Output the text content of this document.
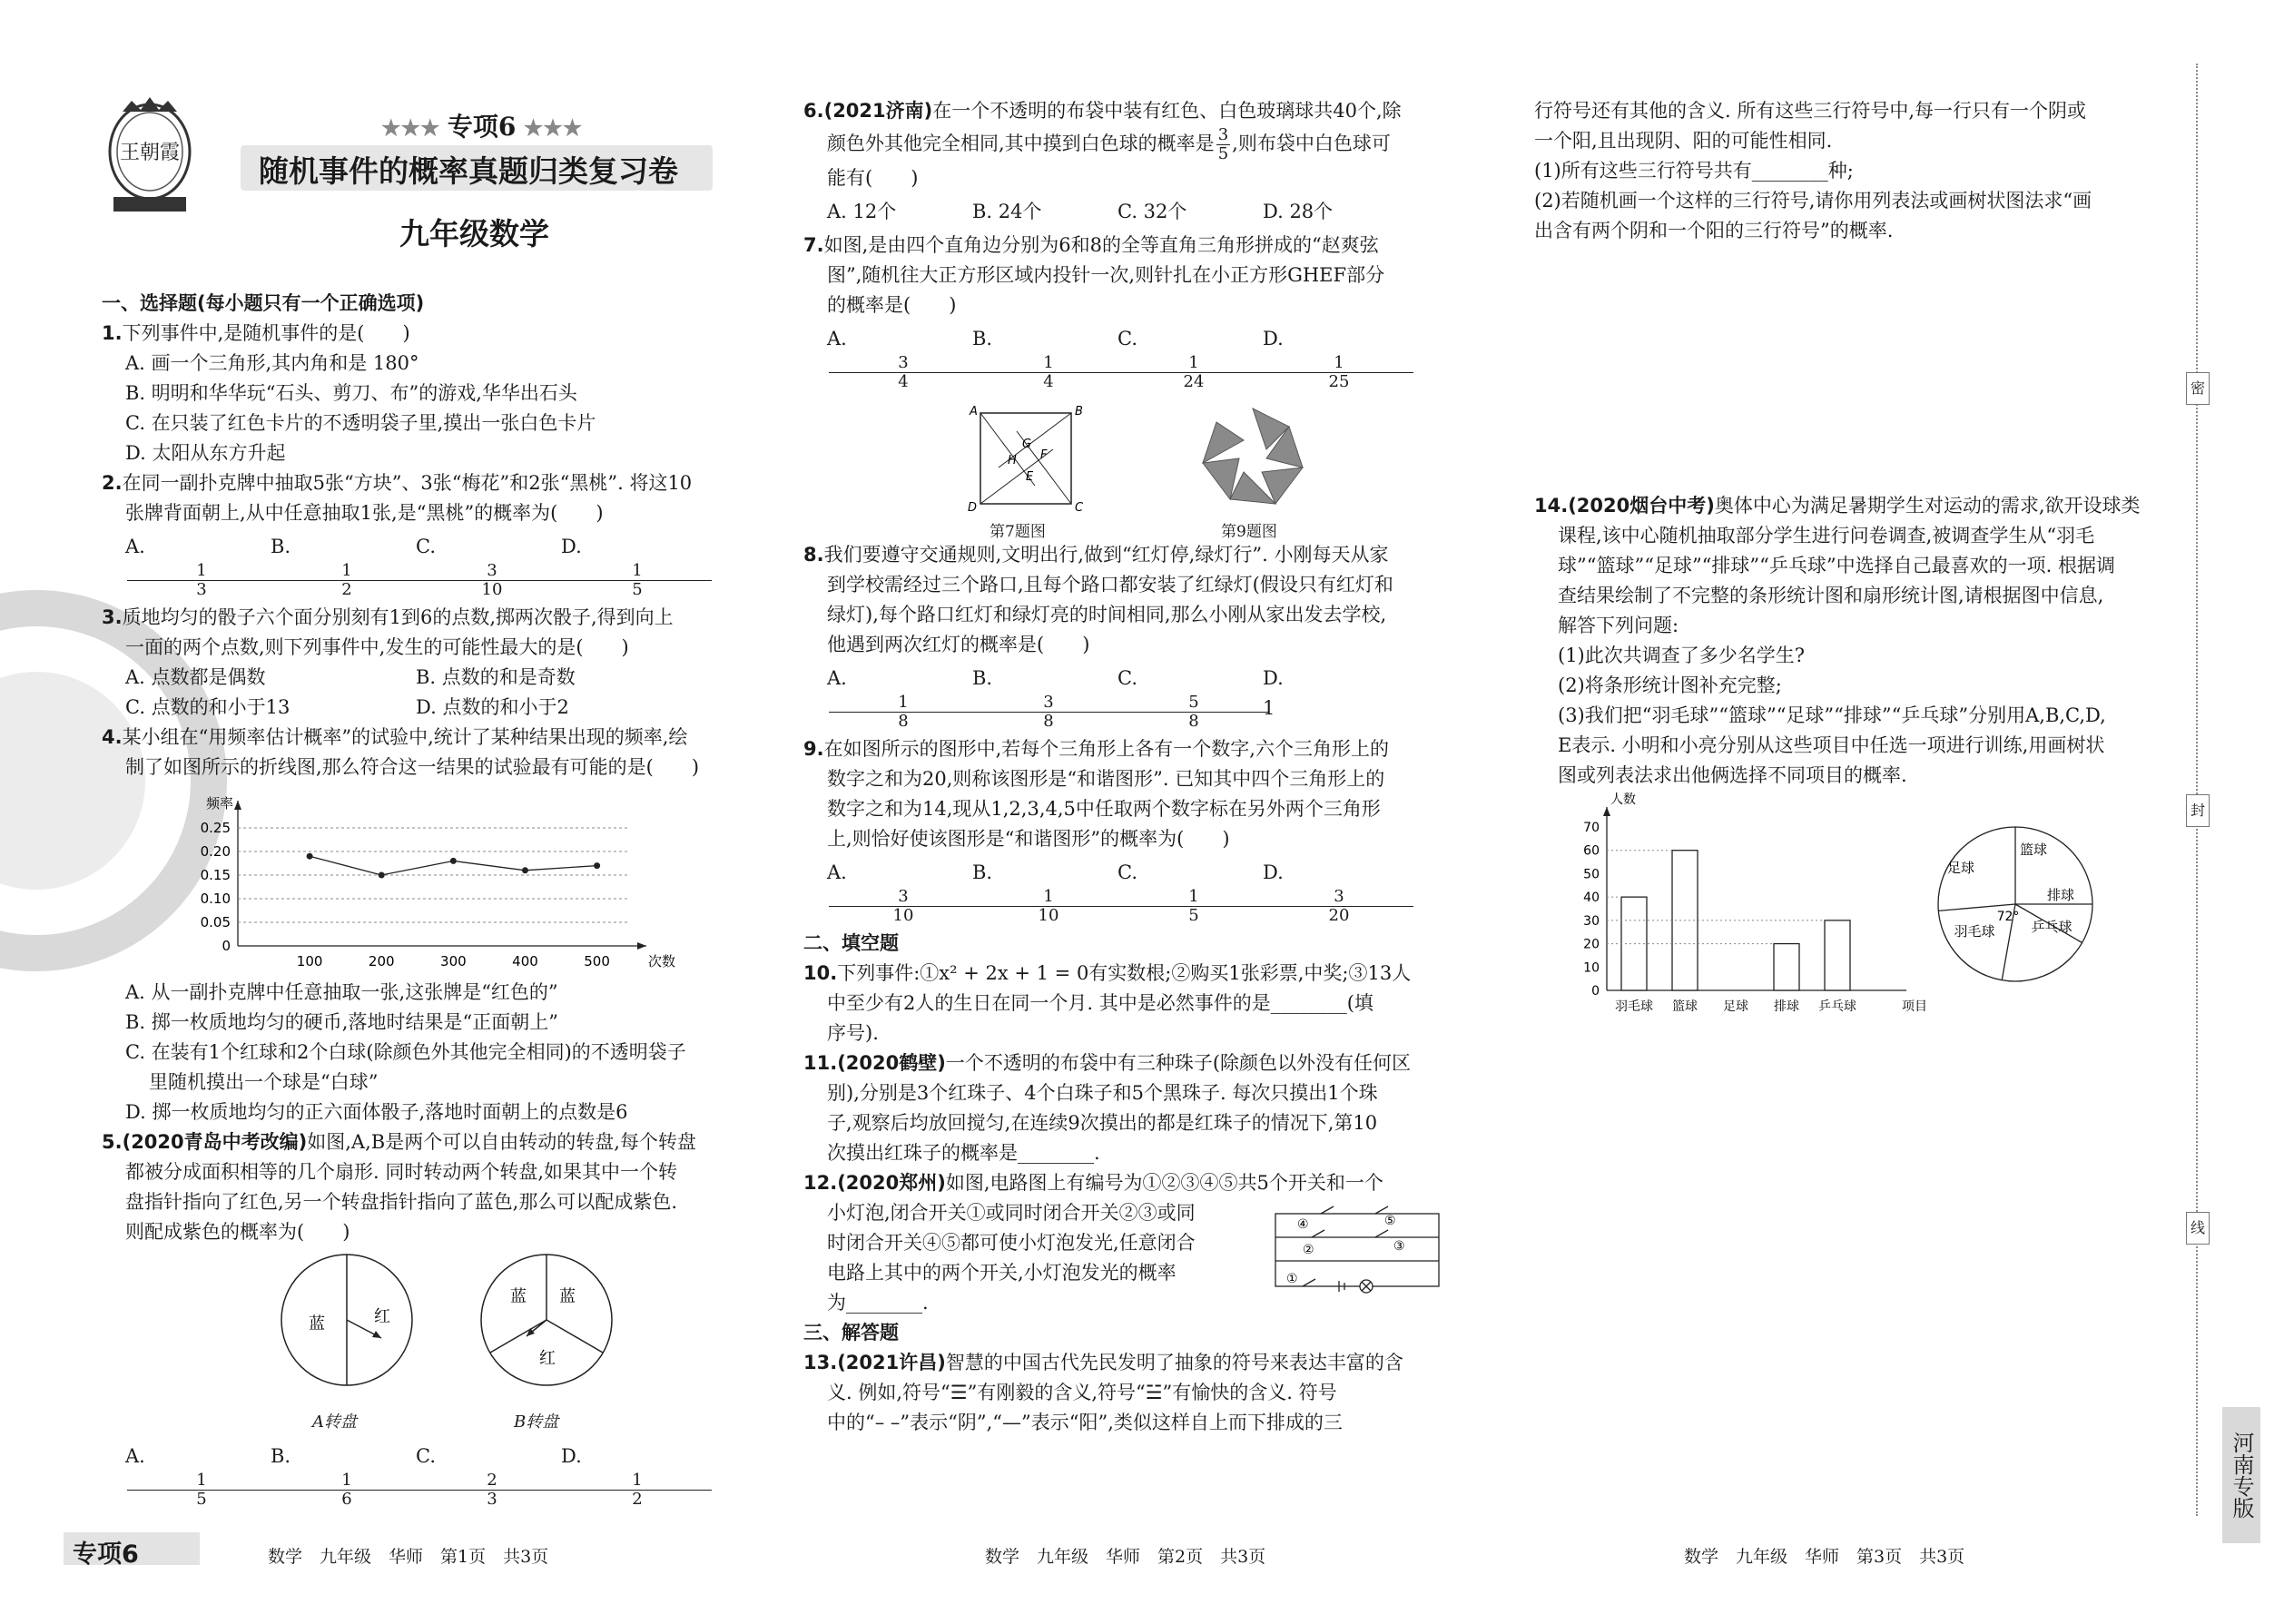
王朝霞
★★★ 专项6 ★★★
随机事件的概率真题归类复习卷
九年级数学

一、选择题(每小题只有一个正确选项)

1.下列事件中,是随机事件的是(　　)

A. 画一个三角形,其内角和是 180°

B. 明明和华华玩“石头、剪刀、布”的游戏,华华出石头

C. 在只装了红色卡片的不透明袋子里,摸出一张白色卡片

D. 太阳从东方升起

2.在同一副扑克牌中抽取5张“方块”、3张“梅花”和2张“黑桃”. 将这10

张牌背面朝上,从中任意抽取1张,是“黑桃”的概率为(　　)

A.
$\frac{1}{3}$
B.
$\frac{1}{2}$
C.
$\frac{3}{10}$
D.
$\frac{1}{5}$

3.质地均匀的骰子六个面分别刻有1到6的点数,掷两次骰子,得到向上

一面的两个点数,则下列事件中,发生的可能性最大的是(　　)

A. 点数都是偶数	B. 点数的和是奇数
C. 点数的和小于13	D. 点数的和小于2

4.某小组在“用频率估计概率”的试验中,统计了某种结果出现的频率,绘

制了如图所示的折线图,那么符合这一结果的试验最有可能的是(　　)

0
0.05
0.10
0.15
0.20
0.25
100	200	300	400	500
频率
次数

A. 从一副扑克牌中任意抽取一张,这张牌是“红色的”

B. 掷一枚质地均匀的硬币,落地时结果是“正面朝上”

C. 在装有1个红球和2个白球(除颜色外其他完全相同)的不透明袋子

里随机摸出一个球是“白球”

D. 掷一枚质地均匀的正六面体骰子,落地时面朝上的点数是6

5.(2020青岛中考改编)如图,A,B是两个可以自由转动的转盘,每个转盘

都被分成面积相等的几个扇形. 同时转动两个转盘,如果其中一个转

盘指针指向了红色,另一个转盘指针指向了蓝色,那么可以配成紫色.

则配成紫色的概率为(　　)

蓝	红
A转盘
蓝 蓝
红
B转盘
A.
$\frac{1}{5}$
B.
$\frac{1}{6}$
C.
$\frac{2}{3}$
D.
$\frac{1}{2}$

6.(2021济南)在一个不透明的布袋中装有红色、白色玻璃球共40个,除

颜色外其他完全相同,其中摸到白色球的概率是 $\frac{3}{5}$ ,则布袋中白色球可

能有(　　)

A. 12个	B. 24个	C. 32个	D. 28个

7.如图,是由四个直角边分别为6和8的全等直角三角形拼成的“赵爽弦

图”,随机往大正方形区域内投针一次,则针扎在小正方形GHEF部分

的概率是(　　)

A.
$\frac{3}{4}$
B.
$\frac{1}{4}$
C.
$\frac{1}{24}$
D.
$\frac{1}{25}$
A	B
C
D
G
H
E
F
第7题图	第9题图

8.我们要遵守交通规则,文明出行,做到“红灯停,绿灯行”. 小刚每天从家

到学校需经过三个路口,且每个路口都安装了红绿灯(假设只有红灯和

绿灯),每个路口红灯和绿灯亮的时间相同,那么小刚从家出发去学校,

他遇到两次红灯的概率是(　　)

A.
$\frac{1}{8}$
B.
$\frac{3}{8}$
C.
$\frac{5}{8}$
D. 1

9.在如图所示的图形中,若每个三角形上各有一个数字,六个三角形上的

数字之和为20,则称该图形是“和谐图形”. 已知其中四个三角形上的

数字之和为14,现从1,2,3,4,5中任取两个数字标在另外两个三角形

上,则恰好使该图形是“和谐图形”的概率为(　　)

A.
$\frac{3}{10}$
B.
$\frac{1}{10}$
C.
$\frac{1}{5}$
D.
$\frac{3}{20}$

二、填空题

10.下列事件:①x² + 2x + 1 = 0有实数根;②购买1张彩票,中奖;③13人

中至少有2人的生日在同一个月. 其中是必然事件的是________(填

序号).

11.(2020鹤壁)一个不透明的布袋中有三种珠子(除颜色以外没有任何区

别),分别是3个红珠子、4个白珠子和5个黑珠子. 每次只摸出1个珠

子,观察后均放回搅匀,在连续9次摸出的都是红珠子的情况下,第10

次摸出红珠子的概率是________.

12.(2020郑州)如图,电路图上有编号为①②③④⑤共5个开关和一个

小灯泡,闭合开关①或同时闭合开关②③或同

时闭合开关④⑤都可使小灯泡发光,任意闭合

电路上其中的两个开关,小灯泡发光的概率

为________.

④	⑤
②	③
①

三、解答题

13.(2021许昌)智慧的中国古代先民发明了抽象的符号来表达丰富的含

义. 例如,符号“☰”有刚毅的含义,符号“☱”有愉快的含义. 符号

中的“– –”表示“阴”,“—”表示“阳”,类似这样自上而下排成的三

行符号还有其他的含义. 所有这些三行符号中,每一行只有一个阴或

一个阳,且出现阴、阳的可能性相同.

(1)所有这些三行符号共有________种;

(2)若随机画一个这样的三行符号,请你用列表法或画树状图法求“画

出含有两个阴和一个阳的三行符号”的概率.

14.(2020烟台中考)奥体中心为满足暑期学生对运动的需求,欲开设球类

课程,该中心随机抽取部分学生进行问卷调查,被调查学生从“羽毛

球”“篮球”“足球”“排球”“乒乓球”中选择自己最喜欢的一项. 根据调

查结果绘制了不完整的条形统计图和扇形统计图,请根据图中信息,

解答下列问题:

(1)此次共调查了多少名学生?

(2)将条形统计图补充完整;

(3)我们把“羽毛球”“篮球”“足球”“排球”“乒乓球”分别用A,B,C,D,

E表示. 小明和小亮分别从这些项目中任选一项进行训练,用画树状

图或列表法求出他俩选择不同项目的概率.

0
10
20
30
40
50
60
70
人数
羽毛球 篮球 足球 排球 乒乓球	项目
篮球
足球
排球
乒乓球
羽毛球
72°
专项6	数学　九年级　华师　第1页　共3页	数学　九年级　华师　第2页　共3页	数学　九年级　华师　第3页　共3页
密
封
线
河南专版
